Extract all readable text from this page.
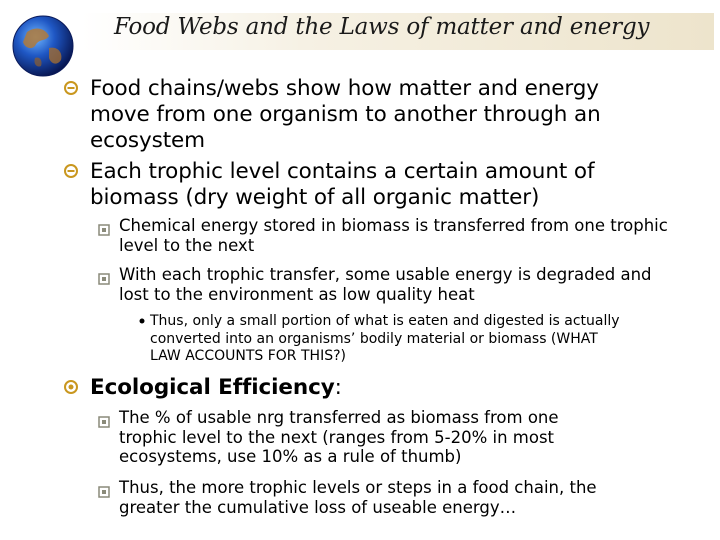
Food Webs and the Laws of matter and energy
Food chains/webs show how matter and energy move from one organism to another through an ecosystem
Each trophic level contains a certain amount of biomass (dry weight of all organic matter)
Chemical energy stored in biomass is transferred from one trophic level to the next
With each trophic transfer, some usable energy is degraded and lost to the environment as low quality heat
Thus, only a small portion of what is eaten and digested is actually converted into an organisms’ bodily material or biomass (WHAT LAW ACCOUNTS FOR THIS?)
Ecological Efficiency:
The % of usable nrg transferred as biomass from one trophic level to the next (ranges from 5-20% in most ecosystems, use 10% as a rule of thumb)
Thus, the more trophic levels or steps in a food chain, the greater the cumulative loss of useable energy…
